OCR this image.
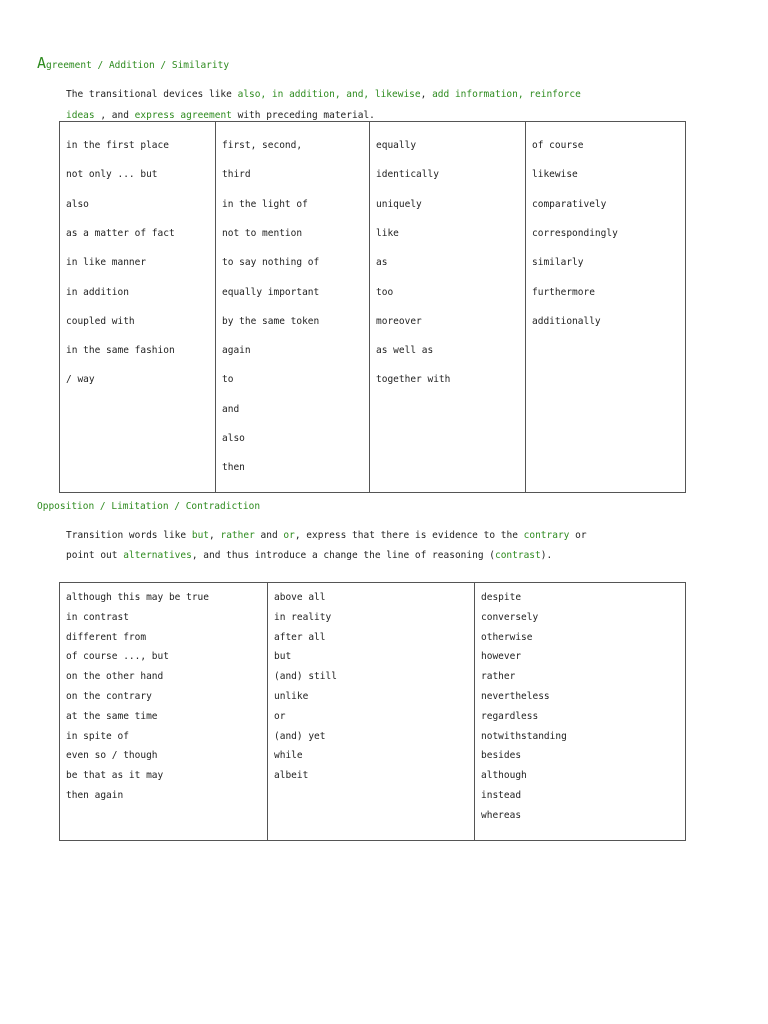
Agreement / Addition / Similarity
The transitional devices like also, in addition, and, likewise, add information, reinforce
ideas , and express agreement with preceding material.
in the first place
not only ... but
also
as a matter of fact
in like manner
in addition
coupled with
in the same fashion
/ way
first, second,
third
in the light of
not to mention
to say nothing of
equally important
by the same token
again
to
and
also
then
equally
identically
uniquely
like
as
too
moreover
as well as
together with
of course
likewise
comparatively
correspondingly
similarly
furthermore
additionally
Opposition / Limitation / Contradiction
Transition words like but, rather and or, express that there is evidence to the contrary or
point out alternatives, and thus introduce a change the line of reasoning (contrast).
although this may be true
in contrast
different from
of course ..., but
on the other hand
on the contrary
at the same time
in spite of
even so / though
be that as it may
then again
above all
in reality
after all
but
(and) still
unlike
or
(and) yet
while
albeit
despite
conversely
otherwise
however
rather
nevertheless
regardless
notwithstanding
besides
although
instead
whereas
